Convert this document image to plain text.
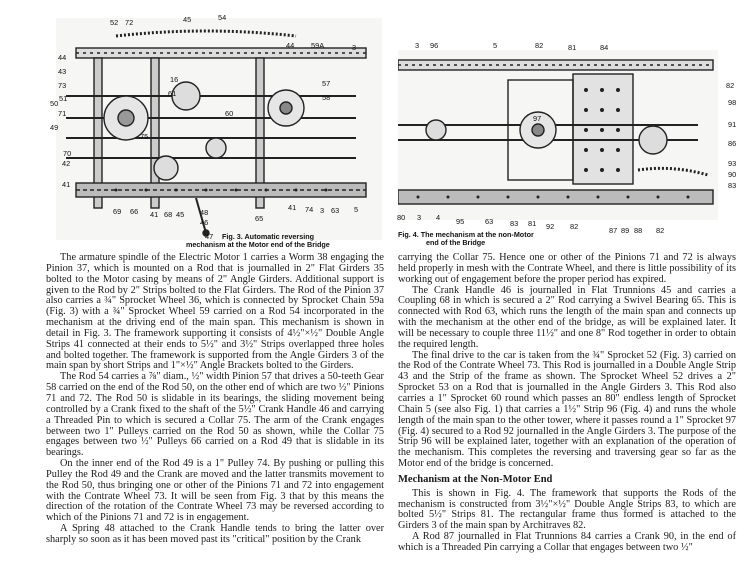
52 72	45	54
44 59A	3
44
43
73
51
50
71
49
57
58
16
61
60
75
70
42
41
69 66 41 68 45 48
46	65
41 74 3 63 5
47	Fig. 3. Automatic reversing
mechanism at the Motor end of the Bridge
3 96	5	82	81	84
82
98
91
86
93
90
83
97
80 3 4 95	63 83 81 92 82	87 89 88 82
Fig. 4. The mechanism at the non-Motor
end of the Bridge

The armature spindle of the Electric Motor 1 carries a Worm 38 engaging the Pinion 37, which is mounted on a Rod that is journalled in 2" Flat Girders 35 bolted to the Motor casing by means of 2" Angle Girders. Additional support is given to the Rod by 2" Strips bolted to the Flat Girders. The Rod of the Pinion 37 also carries a ¾" Sprocket Wheel 36, which is connected by Sprocket Chain 59a (Fig. 3) with a ¾" Sprocket Wheel 59 carried on a Rod 54 incorporated in the mechanism at the driving end of the main span. This mechanism is shown in detail in Fig. 3. The framework supporting it consists of 4½"×½" Double Angle Strips 41 connected at their ends to 5½" and 3½" Strips overlapped three holes and bolted together. The framework is supported from the Angle Girders 3 of the main span by short Strips and 1"×½" Angle Brackets bolted to the Girders.

The Rod 54 carries a ⅞" diam., ½" width Pinion 57 that drives a 50-teeth Gear 58 carried on the end of the Rod 50, on the other end of which are two ½" Pinions 71 and 72. The Rod 50 is slidable in its bearings, the sliding movement being controlled by a Crank fixed to the shaft of the 5½" Crank Handle 46 and carrying a Threaded Pin to which is secured a Collar 75. The arm of the Crank engages between two 1" Pulleys carried on the Rod 50 as shown, while the Collar 75 engages between two ½" Pulleys 66 carried on a Rod 49 that is slidable in its bearings.

On the inner end of the Rod 49 is a 1" Pulley 74. By pushing or pulling this Pulley the Rod 49 and the Crank are moved and the latter transmits movement to the Rod 50, thus bringing one or other of the Pinions 71 and 72 into engagement with the Contrate Wheel 73. It will be seen from Fig. 3 that by this means the direction of the rotation of the Contrate Wheel 73 may be reversed according to which of the Pinions 71 and 72 is in engagement.

A Spring 48 attached to the Crank Handle tends to bring the latter over sharply so soon as it has been moved past its "critical" position by the Crank

carrying the Collar 75. Hence one or other of the Pinions 71 and 72 is always held properly in mesh with the Contrate Wheel, and there is little possibility of its working out of engagement before the proper period has expired.

The Crank Handle 46 is journalled in Flat Trunnions 45 and carries a Coupling 68 in which is secured a 2" Rod carrying a Swivel Bearing 65. This is connected with Rod 63, which runs the length of the main span and connects up with the mechanism at the other end of the bridge, as will be explained later. It will be necessary to couple three 11½" and one 8" Rod together in order to obtain the required length.

The final drive to the car is taken from the ¾" Sprocket 52 (Fig. 3) carried on the Rod of the Contrate Wheel 73. This Rod is journalled in a Double Angle Strip 43 and the Strip of the frame as shown. The Sprocket Wheel 52 drives a 2" Sprocket 53 on a Rod that is journalled in the Angle Girders 3. This Rod also carries a 1" Sprocket 60 round which passes an 80" endless length of Sprocket Chain 5 (see also Fig. 1) that carries a 1½" Strip 96 (Fig. 4) and runs the whole length of the main span to the other tower, where it passes round a 1" Sprocket 97 (Fig. 4) secured to a Rod 92 journalled in the Angle Girders 3. The purpose of the Strip 96 will be explained later, together with an explanation of the operation of the mechanism. This completes the reversing and traversing gear so far as the Motor end of the bridge is concerned.

Mechanism at the Non-Motor End

This is shown in Fig. 4. The framework that supports the Rods of the mechanism is constructed from 3½"×½" Double Angle Strips 83, to which are bolted 5½" Strips 81. The rectangular frame thus formed is attached to the Girders 3 of the main span by Architraves 82.

A Rod 87 journalled in Flat Trunnions 84 carries a Crank 90, in the end of which is a Threaded Pin carrying a Collar that engages between two ½"
